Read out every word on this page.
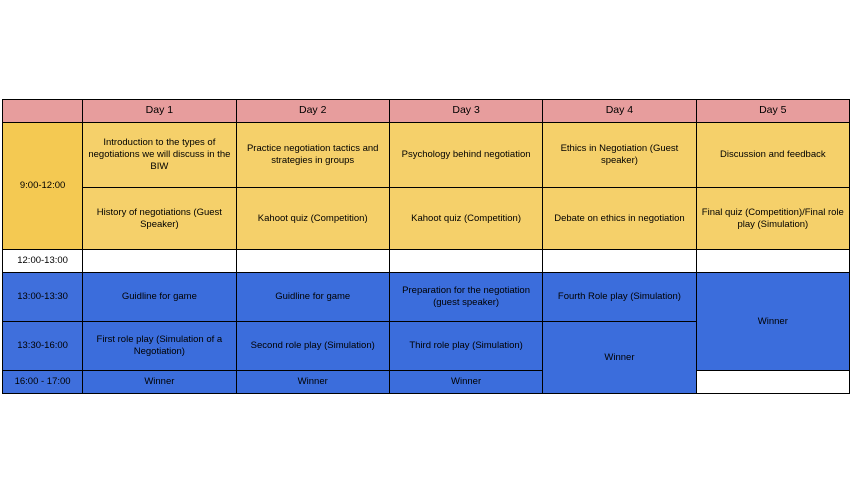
	Day 1	Day 2	Day 3	Day 4	Day 5
9:00-12:00	Introduction to the types of negotiations we will discuss in the BIW	Practice negotiation tactics and strategies in groups	Psychology behind negotiation	Ethics in Negotiation (Guest speaker)	Discussion and feedback
	History of negotiations (Guest Speaker)	Kahoot quiz (Competition)	Kahoot quiz (Competition)	Debate on ethics in negotiation	Final quiz (Competition)/Final role play (Simulation)
12:00-13:00					
13:00-13:30	Guidline for game	Guidline for game	Preparation for the negotiation (guest speaker)	Fourth Role play (Simulation)	Winner
13:30-16:00	First role play (Simulation of a Negotiation)	Second role play (Simulation)	Third role play (Simulation)	Winner	
16:00 - 17:00	Winner	Winner	Winner		
